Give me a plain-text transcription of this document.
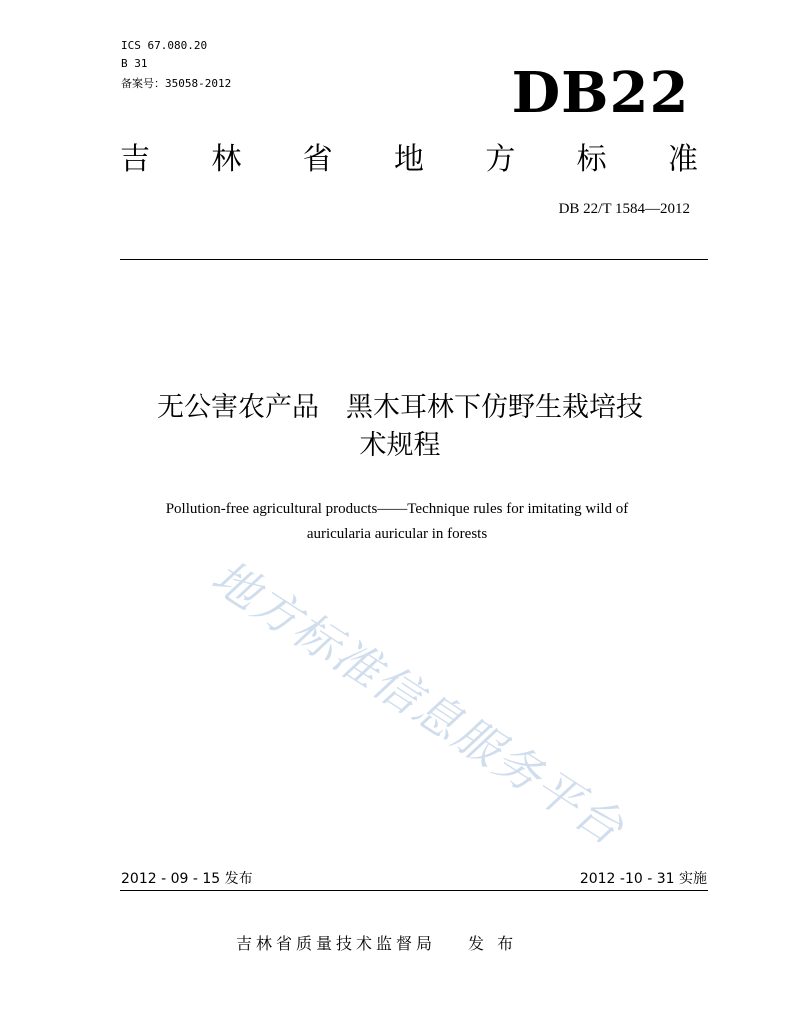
ICS 67.080.20
B 31
备案号：35058-2012	DB22
吉 林 省 地 方 标 准
DB 22/T 1584—2012
无公害农产品　黑木耳林下仿野生栽培技
术规程
Pollution-free agricultural products——Technique rules for imitating wild of
auricularia auricular in forests
地方标准信息服务平台
2012 - 09 - 15 发布	2012 -10 - 31 实施
吉林省质量技术监督局 发 布
